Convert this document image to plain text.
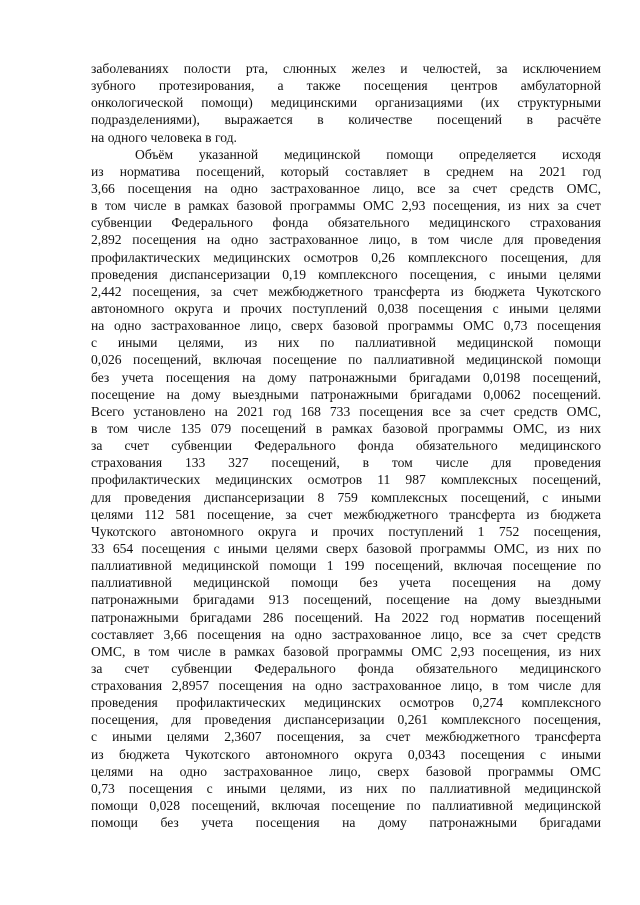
заболеваниях полости рта, слюнных желез и челюстей, за исключением
зубного протезирования, а также посещения центров амбулаторной
онкологической помощи) медицинскими организациями (их структурными
подразделениями), выражается в количестве посещений в расчёте
на одного человека в год.
Объём указанной медицинской помощи определяется исходя
из норматива посещений, который составляет в среднем на 2021 год
3,66 посещения на одно застрахованное лицо, все за счет средств ОМС,
в том числе в рамках базовой программы ОМС 2,93 посещения, из них за счет
субвенции Федерального фонда обязательного медицинского страхования
2,892 посещения на одно застрахованное лицо, в том числе для проведения
профилактических медицинских осмотров 0,26 комплексного посещения, для
проведения диспансеризации 0,19 комплексного посещения, с иными целями
2,442 посещения, за счет межбюджетного трансферта из бюджета Чукотского
автономного округа и прочих поступлений 0,038 посещения с иными целями
на одно застрахованное лицо, сверх базовой программы ОМС 0,73 посещения
с иными целями, из них по паллиативной медицинской помощи
0,026 посещений, включая посещение по паллиативной медицинской помощи
без учета посещения на дому патронажными бригадами 0,0198 посещений,
посещение на дому выездными патронажными бригадами 0,0062 посещений.
Всего установлено на 2021 год 168 733 посещения все за счет средств ОМС,
в том числе 135 079 посещений в рамках базовой программы ОМС, из них
за счет субвенции Федерального фонда обязательного медицинского
страхования 133 327 посещений, в том числе для проведения
профилактических медицинских осмотров 11 987 комплексных посещений,
для проведения диспансеризации 8 759 комплексных посещений, с иными
целями 112 581 посещение, за счет межбюджетного трансферта из бюджета
Чукотского автономного округа и прочих поступлений 1 752 посещения,
33 654 посещения с иными целями сверх базовой программы ОМС, из них по
паллиативной медицинской помощи 1 199 посещений, включая посещение по
паллиативной медицинской помощи без учета посещения на дому
патронажными бригадами 913 посещений, посещение на дому выездными
патронажными бригадами 286 посещений. На 2022 год норматив посещений
составляет 3,66 посещения на одно застрахованное лицо, все за счет средств
ОМС, в том числе в рамках базовой программы ОМС 2,93 посещения, из них
за счет субвенции Федерального фонда обязательного медицинского
страхования 2,8957 посещения на одно застрахованное лицо, в том числе для
проведения профилактических медицинских осмотров 0,274 комплексного
посещения, для проведения диспансеризации 0,261 комплексного посещения,
с иными целями 2,3607 посещения, за счет межбюджетного трансферта
из бюджета Чукотского автономного округа 0,0343 посещения с иными
целями на одно застрахованное лицо, сверх базовой программы ОМС
0,73 посещения с иными целями, из них по паллиативной медицинской
помощи 0,028 посещений, включая посещение по паллиативной медицинской
помощи без учета посещения на дому патронажными бригадами
